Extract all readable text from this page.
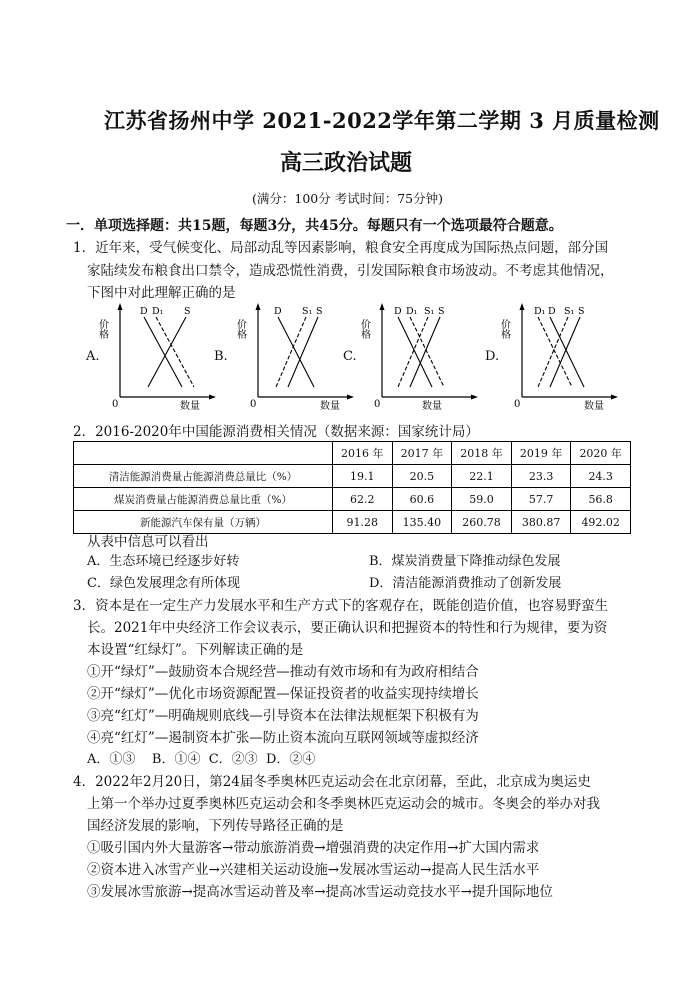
江苏省扬州中学 2021-2022学年第二学期 3 月质量检测
高三政治试题
(满分：100分 考试时间：75分钟)
一．单项选择题：共15题，每题3分，共45分。每题只有一个选项最符合题意。
1．近年来，受气候变化、局部动乱等因素影响，粮食安全再度成为国际热点问题，部分国
家陆续发布粮食出口禁令，造成恐慌性消费，引发国际粮食市场波动。不考虑其他情况，
下图中对此理解正确的是
A.
价格
0	数量
D D₁ S
B.
价格
0	数量
D S₁ S
C.
价格
0	数量
D D₁ S₁ S
D.
价格
0	数量
D₁ D S₁ S
2．2016-2020年中国能源消费相关情况（数据来源：国家统计局）
	2016 年	2017 年	2018 年	2019 年	2020 年
清洁能源消费量占能源消费总量比（%）	19.1	20.5	22.1	23.3	24.3
煤炭消费量占能源消费总量比重（%）	62.2	60.6	59.0	57.7	56.8
新能源汽车保有量（万辆）	91.28	135.40	260.78	380.87	492.02
从表中信息可以看出
A．生态环境已经逐步好转	B．煤炭消费量下降推动绿色发展
C．绿色发展理念有所体现	D．清洁能源消费推动了创新发展
3．资本是在一定生产力发展水平和生产方式下的客观存在，既能创造价值，也容易野蛮生
长。2021年中央经济工作会议表示，要正确认识和把握资本的特性和行为规律，要为资
本设置“红绿灯”。下列解读正确的是
①开“绿灯”—鼓励资本合规经营—推动有效市场和有为政府相结合
②开“绿灯”—优化市场资源配置—保证投资者的收益实现持续增长
③亮“红灯”—明确规则底线—引导资本在法律法规框架下积极有为
④亮“红灯”—遏制资本扩张—防止资本流向互联网领域等虚拟经济
A．①③    B．①④  C．②③  D．②④
4．2022年2月20日，第24届冬季奥林匹克运动会在北京闭幕，至此，北京成为奥运史
上第一个举办过夏季奥林匹克运动会和冬季奥林匹克运动会的城市。冬奥会的举办对我
国经济发展的影响，下列传导路径正确的是
①吸引国内外大量游客→带动旅游消费→增强消费的决定作用→扩大国内需求
②资本进入冰雪产业→兴建相关运动设施→发展冰雪运动→提高人民生活水平
③发展冰雪旅游→提高冰雪运动普及率→提高冰雪运动竞技水平→提升国际地位
